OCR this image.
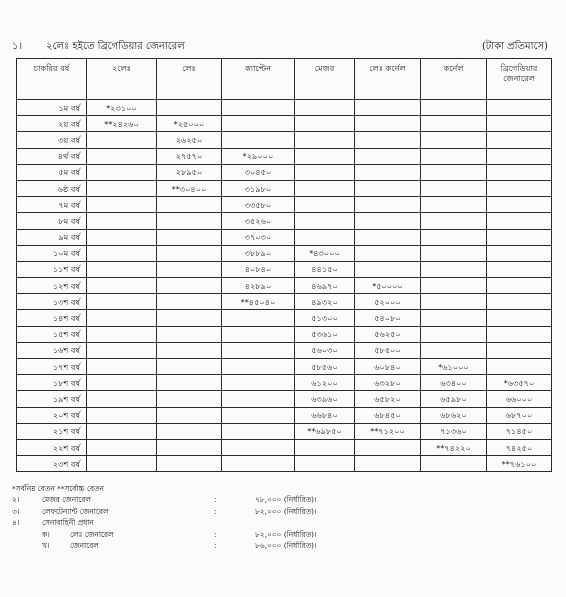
১। ২লেঃ হইতে ব্রিগেডিয়ার জেনারেল	(টাকা প্রতিমাসে)
চাকরির বর্ষ	২লেঃ	লেঃ	ক্যাপ্টেন	মেজর	লেঃ কর্নেল	কর্নেল	ব্রিগেডিয়ার জেনারেল
১ম বর্ষ	*২৩১০০						
২য় বর্ষ	**২৪২৬০	*২৫০০০					
৩য় বর্ষ		২৬২৫০					
৪র্থ বর্ষ		২৭৫৭০	*২৯০০০				
৫ম বর্ষ		২৮৯৫০	৩০৪৫০				
৬ষ্ঠ বর্ষ		**৩০৪০০	৩১৯৮০				
৭ম বর্ষ			৩৩৫৮০				
৮ম বর্ষ			৩৫২৬০				
৯ম বর্ষ			৩৭০৩০				
১০ম বর্ষ			৩৮৮৯০	*৪৩০০০			
১১শ বর্ষ			৪০৮৪০	৪৪১৫০			
১২শ বর্ষ			৪২৮৯০	৪৬৯৭০	*৫০০০০		
১৩শ বর্ষ			**৪৫০৪০	৪৯৩২০	৫২০০০		
১৪শ বর্ষ				৫১৩০০	৫৪০৮০		
১৫শ বর্ষ				৫৩৬১০	৫৬২৫০		
১৬শ বর্ষ				৫৬০৩০	৫৮৫০০		
১৭শ বর্ষ				৫৮৫৬০	৬০৮৪০	*৬১০০০	
১৮শ বর্ষ				৬১২০০	৬৩২৮০	৬৩৪০০	*৬৩৫৭০
১৯শ বর্ষ				৬৩৯৬০	৬৫৮২০	৬৫৯৮০	৬৬০০০
২০শ বর্ষ				৬৬৮৪০	৬৮৪৫০	৬৮৬২০	৬৮৭০০
২১শ বর্ষ				**৬৯৮৫০	**৭১২০০	৭১৩৬০	৭১৪৫০
২২শ বর্ষ						**৭৪২২০	৭৪২৫০
২৩শ বর্ষ							**৭৬১০০
*সর্বনিম্ন বেতন **সর্বোচ্চ বেতন
২।	মেজর জেনারেল	:	৭৮,০০০ (নির্ধারিত)।
৩।	লেফটেন্যান্ট জেনারেল	:	৮২,০০০ (নির্ধারিত)।
৪।	সেনাবাহিনী প্রধান
ক।	লেঃ জেনারেল	:	৮২,০০০ (নির্ধারিত)।
খ।	জেনারেল	:	৮৬,০০০ (নির্ধারিত)।
